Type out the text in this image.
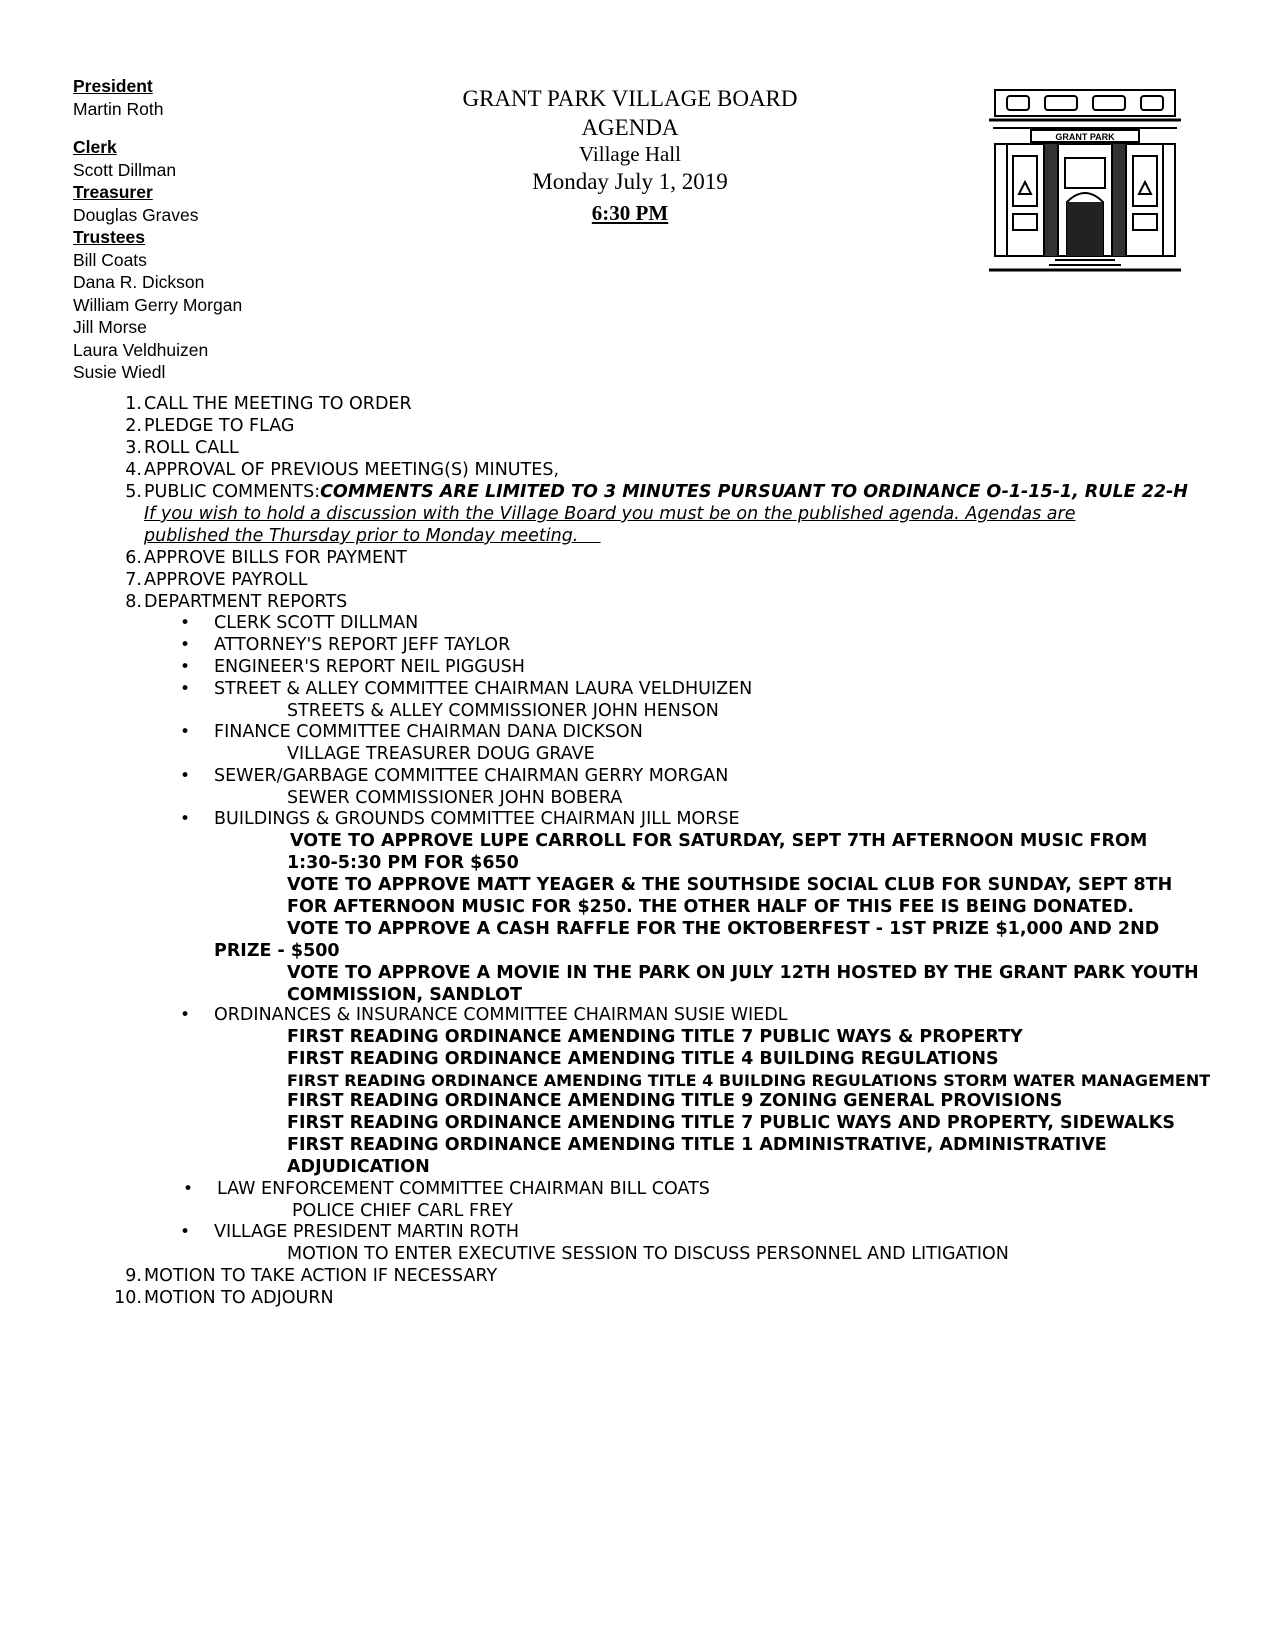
President
Martin Roth
Clerk
Scott Dillman
Treasurer
Douglas Graves
Trustees
Bill Coats
Dana R. Dickson
William Gerry Morgan
Jill Morse
Laura Veldhuizen
Susie Wiedl
GRANT PARK VILLAGE BOARD
AGENDA
Village Hall
Monday July 1, 2019
6:30 PM
GRANT PARK
1. CALL THE MEETING TO ORDER
2. PLEDGE TO FLAG
3. ROLL CALL
4. APPROVAL OF PREVIOUS MEETING(S) MINUTES,
5. PUBLIC COMMENTS:COMMENTS ARE LIMITED TO 3 MINUTES PURSUANT TO ORDINANCE O-1-15-1, RULE 22-H
If you wish to hold a discussion with the Village Board you must be on the published agenda. Agendas are
published the Thursday prior to Monday meeting.
6. APPROVE BILLS FOR PAYMENT
7. APPROVE PAYROLL
8. DEPARTMENT REPORTS
• CLERK SCOTT DILLMAN
• ATTORNEY'S REPORT JEFF TAYLOR
• ENGINEER'S REPORT NEIL PIGGUSH
• STREET & ALLEY COMMITTEE CHAIRMAN LAURA VELDHUIZEN
STREETS & ALLEY COMMISSIONER JOHN HENSON
• FINANCE COMMITTEE CHAIRMAN DANA DICKSON
VILLAGE TREASURER DOUG GRAVE
• SEWER/GARBAGE COMMITTEE CHAIRMAN GERRY MORGAN
SEWER COMMISSIONER JOHN BOBERA
• BUILDINGS & GROUNDS COMMITTEE CHAIRMAN JILL MORSE
VOTE TO APPROVE LUPE CARROLL FOR SATURDAY, SEPT 7TH AFTERNOON MUSIC FROM
1:30-5:30 PM FOR $650
VOTE TO APPROVE MATT YEAGER & THE SOUTHSIDE SOCIAL CLUB FOR SUNDAY, SEPT 8TH
FOR AFTERNOON MUSIC FOR $250. THE OTHER HALF OF THIS FEE IS BEING DONATED.
VOTE TO APPROVE A CASH RAFFLE FOR THE OKTOBERFEST - 1ST PRIZE $1,000 AND 2ND
PRIZE - $500
VOTE TO APPROVE A MOVIE IN THE PARK ON JULY 12TH HOSTED BY THE GRANT PARK YOUTH
COMMISSION, SANDLOT
• ORDINANCES & INSURANCE COMMITTEE CHAIRMAN SUSIE WIEDL
FIRST READING ORDINANCE AMENDING TITLE 7 PUBLIC WAYS & PROPERTY
FIRST READING ORDINANCE AMENDING TITLE 4 BUILDING REGULATIONS
FIRST READING ORDINANCE AMENDING TITLE 4 BUILDING REGULATIONS STORM WATER MANAGEMENT
FIRST READING ORDINANCE AMENDING TITLE 9 ZONING GENERAL PROVISIONS
FIRST READING ORDINANCE AMENDING TITLE 7 PUBLIC WAYS AND PROPERTY, SIDEWALKS
FIRST READING ORDINANCE AMENDING TITLE 1 ADMINISTRATIVE, ADMINISTRATIVE
ADJUDICATION
• LAW ENFORCEMENT COMMITTEE CHAIRMAN BILL COATS
POLICE CHIEF CARL FREY
• VILLAGE PRESIDENT MARTIN ROTH
MOTION TO ENTER EXECUTIVE SESSION TO DISCUSS PERSONNEL AND LITIGATION
9. MOTION TO TAKE ACTION IF NECESSARY
10. MOTION TO ADJOURN
